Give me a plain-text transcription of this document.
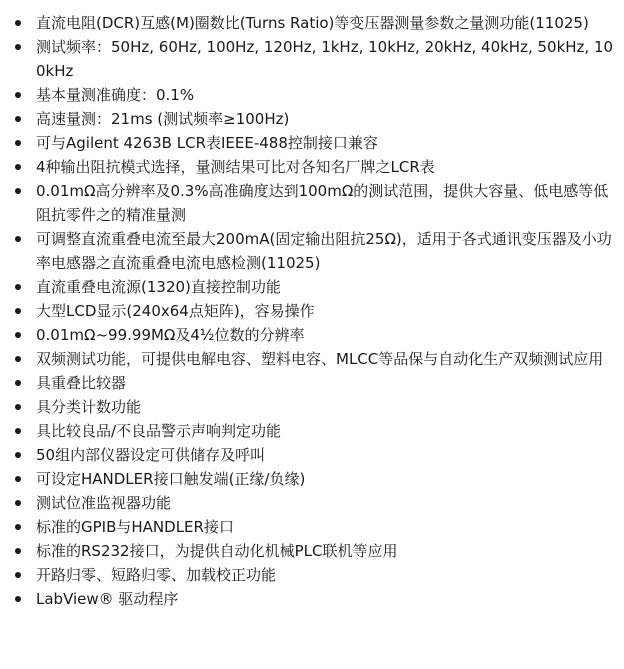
直流电阻(DCR)互感(M)圈数比(Turns Ratio)等变压器测量参数之量测功能(11025)
测试频率：50Hz, 60Hz, 100Hz, 120Hz, 1kHz, 10kHz, 20kHz, 40kHz, 50kHz, 100kHz
基本量测准确度：0.1%
高速量测：21ms (测试频率≥100Hz)
可与Agilent 4263B LCR表IEEE-488控制接口兼容
4种输出阻抗模式选择，量测结果可比对各知名厂牌之LCR表
0.01mΩ高分辨率及0.3%高准确度达到100mΩ的测试范围，提供大容量、低电感等低阻抗零件之的精准量测
可调整直流重叠电流至最大200mA(固定输出阻抗25Ω)，适用于各式通讯变压器及小功率电感器之直流重叠电流电感检测(11025)
直流重叠电流源(1320)直接控制功能
大型LCD显示(240x64点矩阵)，容易操作
0.01mΩ~99.99MΩ及4½位数的分辨率
双频测试功能，可提供电解电容、塑料电容、MLCC等品保与自动化生产双频测试应用
具重叠比较器
具分类计数功能
具比较良品/不良品警示声响判定功能
50组内部仪器设定可供储存及呼叫
可设定HANDLER接口触发端(正缘/负缘)
测试位准监视器功能
标准的GPIB与HANDLER接口
标准的RS232接口，为提供自动化机械PLC联机等应用
开路归零、短路归零、加载校正功能
LabView® 驱动程序
